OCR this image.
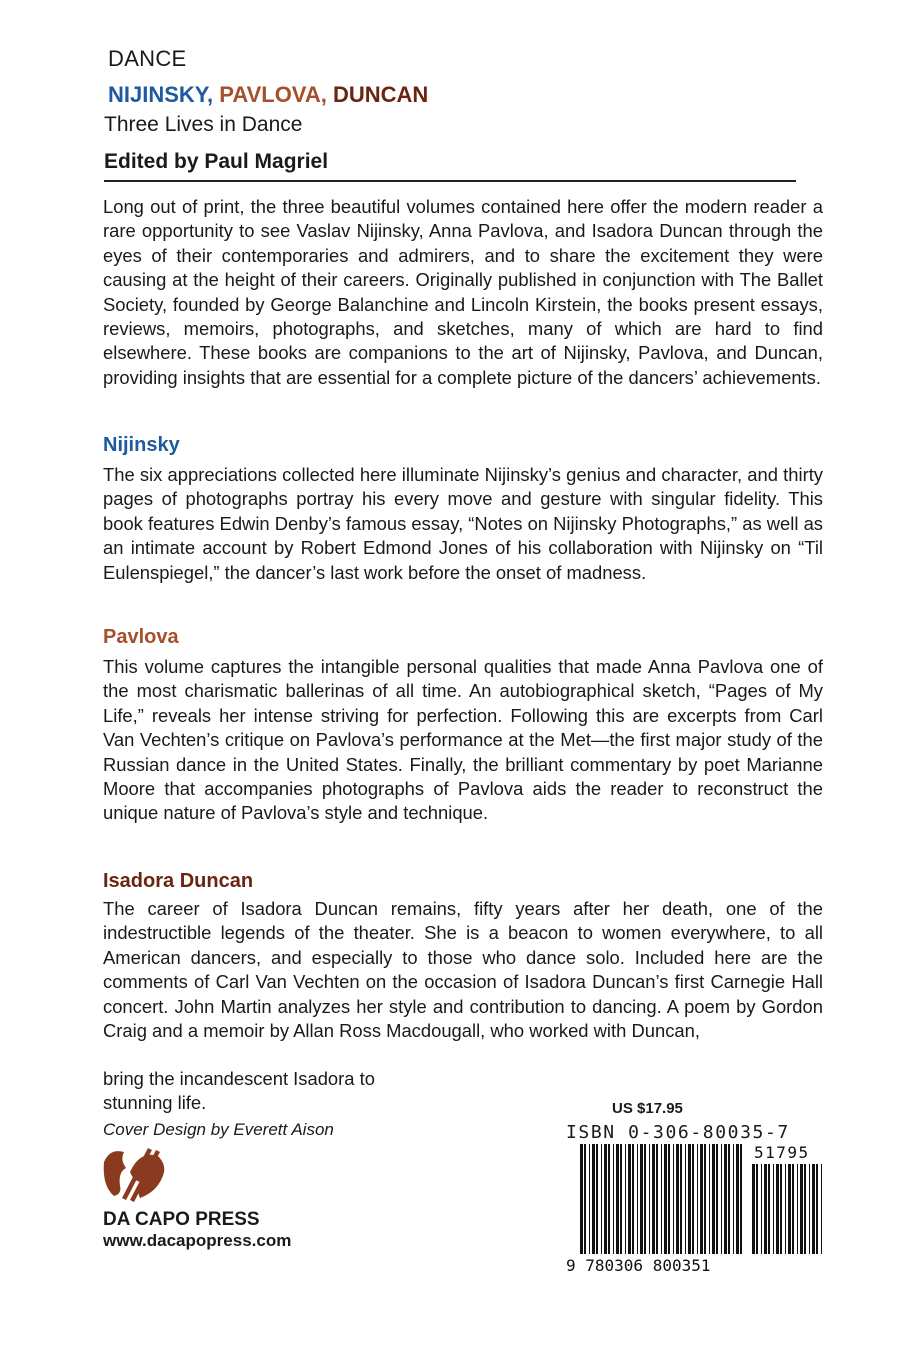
DANCE
NIJINSKY, PAVLOVA, DUNCAN
Three Lives in Dance
Edited by Paul Magriel
Long out of print, the three beautiful volumes contained here offer the modern reader a rare opportunity to see Vaslav Nijinsky, Anna Pavlova, and Isadora Duncan through the eyes of their contemporaries and admirers, and to share the excitement they were causing at the height of their careers. Originally published in conjunction with The Ballet Society, founded by George Balanchine and Lincoln Kirstein, the books present essays, reviews, memoirs, photographs, and sketches, many of which are hard to find elsewhere. These books are companions to the art of Nijinsky, Pavlova, and Duncan, providing insights that are essential for a complete picture of the dancers’ achievements.
Nijinsky
The six appreciations collected here illuminate Nijinsky’s genius and character, and thirty pages of photographs portray his every move and gesture with singular fidelity. This book features Edwin Denby’s famous essay, “Notes on Nijinsky Photographs,” as well as an intimate account by Robert Edmond Jones of his collaboration with Nijinsky on “Til Eulenspiegel,” the dancer’s last work before the onset of madness.
Pavlova
This volume captures the intangible personal qualities that made Anna Pavlova one of the most charismatic ballerinas of all time. An autobiographical sketch, “Pages of My Life,” reveals her intense striving for perfection. Following this are excerpts from Carl Van Vechten’s critique on Pavlova’s performance at the Met—the first major study of the Russian dance in the United States. Finally, the brilliant commentary by poet Marianne Moore that accompanies photographs of Pavlova aids the reader to reconstruct the unique nature of Pavlova’s style and technique.
Isadora Duncan
The career of Isadora Duncan remains, fifty years after her death, one of the indestructible legends of the theater. She is a beacon to women everywhere, to all American dancers, and especially to those who dance solo. Included here are the comments of Carl Van Vechten on the occasion of Isadora Duncan’s first Carnegie Hall concert. John Martin analyzes her style and contribution to dancing. A poem by Gordon Craig and a memoir by Allan Ross Macdougall, who worked with Duncan,
bring the incandescent Isadora to stunning life.
Cover Design by Everett Aison
DA CAPO PRESS
www.dacapopress.com
US $17.95
ISBN 0-306-80035-7
9 780306 800351
51795
